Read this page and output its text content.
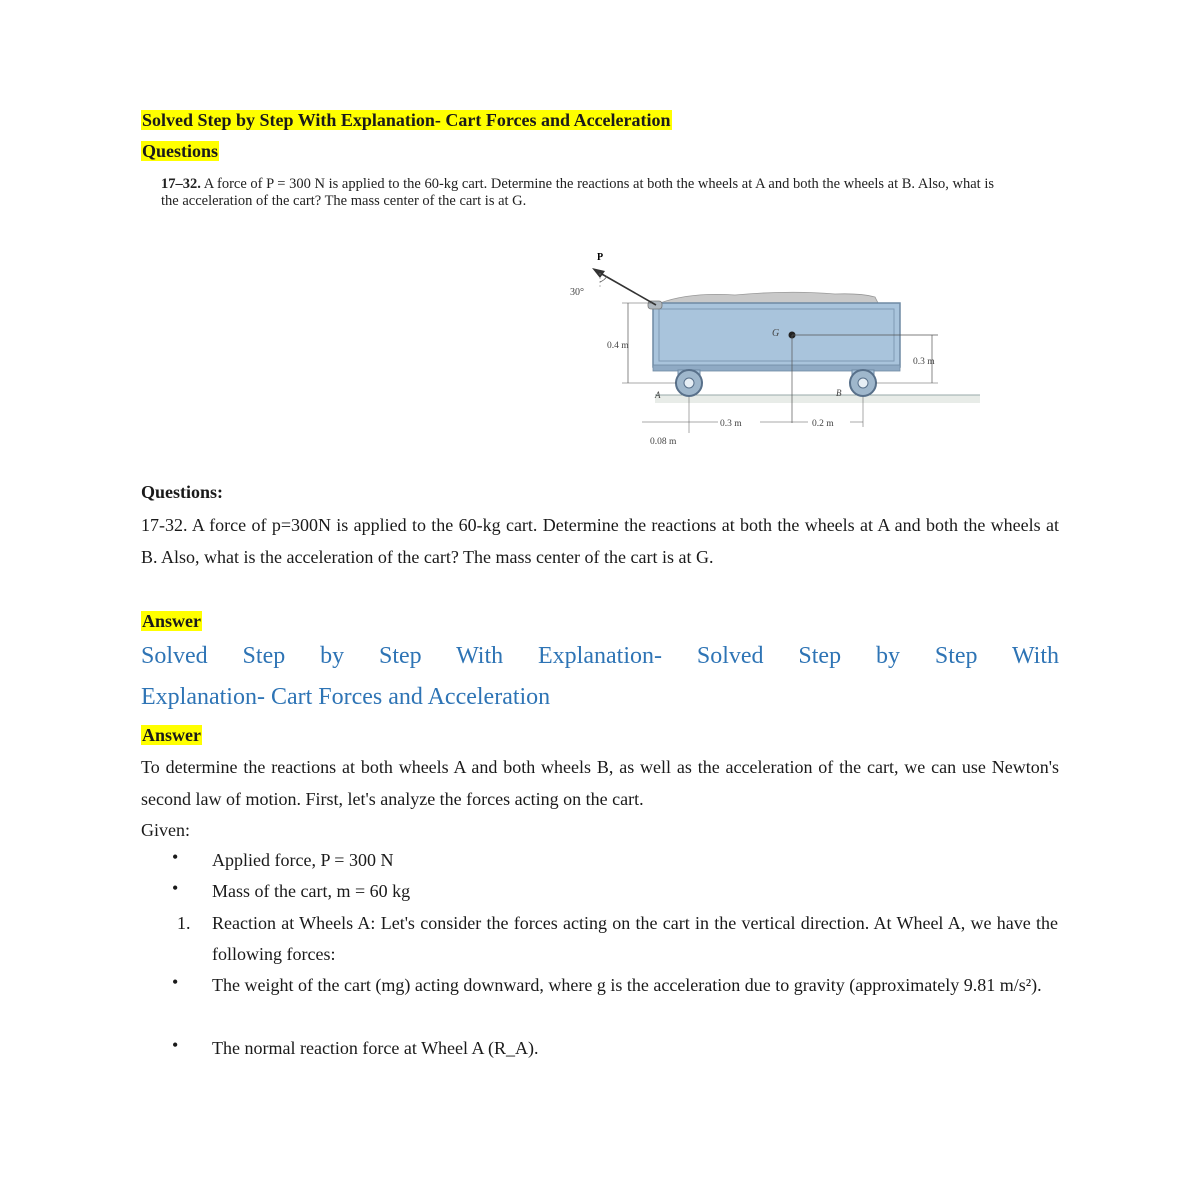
Solved Step by Step With Explanation- Cart Forces and Acceleration
Questions
17–32. A force of P = 300 N is applied to the 60-kg cart. Determine the reactions at both the wheels at A and both the wheels at B. Also, what is the acceleration of the cart? The mass center of the cart is at G.
P
30°
G
A	B
0.4 m
0.3 m
0.3 m	0.2 m
0.08 m
Questions:
17-32. A force of p=300N is applied to the 60-kg cart. Determine the reactions at both the wheels at A and both the wheels at B. Also, what is the acceleration of the cart? The mass center of the cart is at G.
Answer
Solved Step by Step With Explanation- Solved Step by Step With
Explanation- Cart Forces and Acceleration
Answer
To determine the reactions at both wheels A and both wheels B, as well as the acceleration of the cart, we can use Newton's second law of motion. First, let's analyze the forces acting on the cart.
Given:
• Applied force, P = 300 N
• Mass of the cart, m = 60 kg
1. Reaction at Wheels A: Let's consider the forces acting on the cart in the vertical direction. At Wheel A, we have the following forces:
• The weight of the cart (mg) acting downward, where g is the acceleration due to gravity (approximately 9.81 m/s²).
• The normal reaction force at Wheel A (R_A).
